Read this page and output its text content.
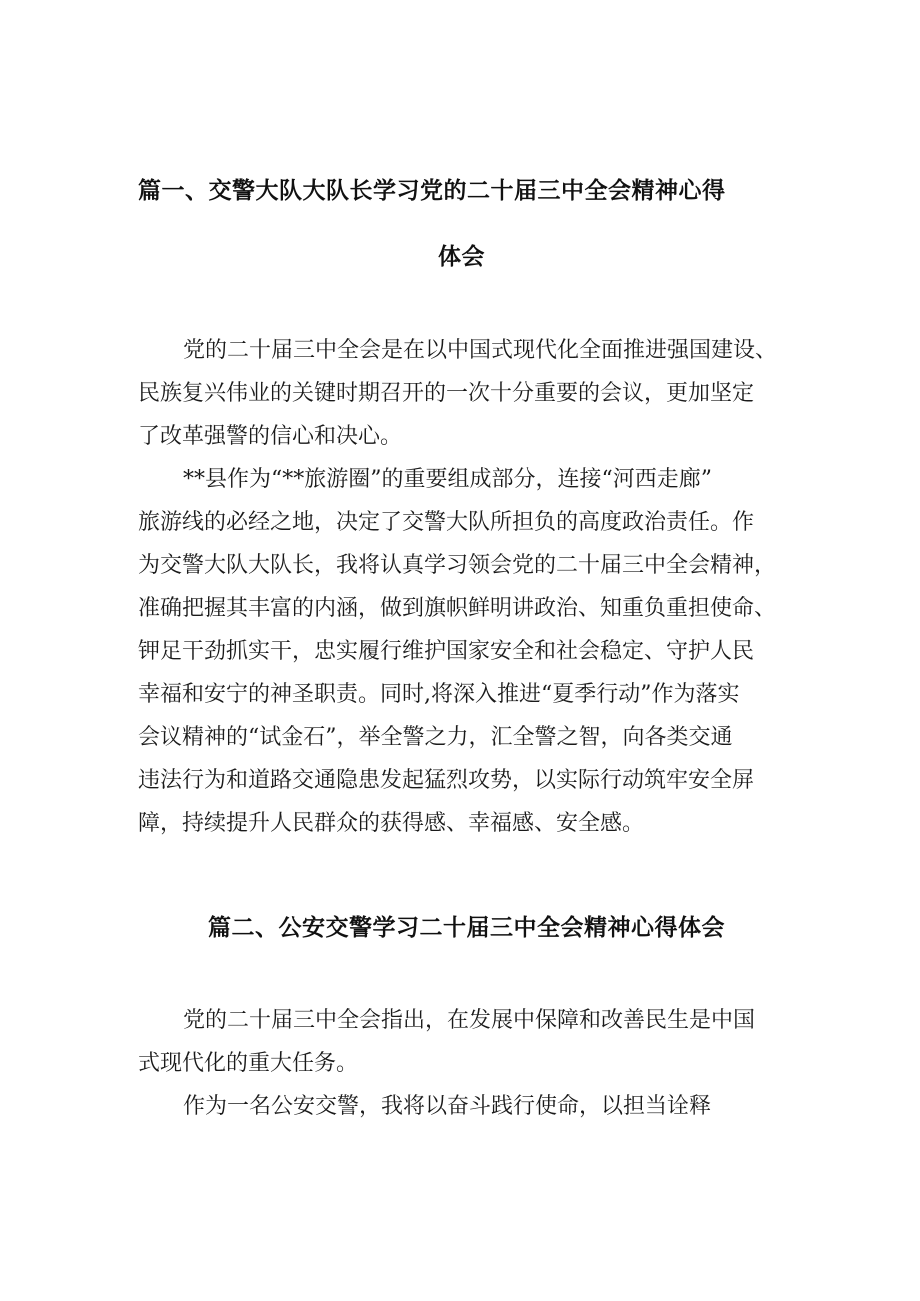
篇一、交警大队大队长学习党的二十届三中全会精神心得
体会
党的二十届三中全会是在以中国式现代化全面推进强国建设、
民族复兴伟业的关键时期召开的一次十分重要的会议，更加坚定
了改革强警的信心和决心。
**县作为“**旅游圈”的重要组成部分，连接“河西走廊”
旅游线的必经之地，决定了交警大队所担负的高度政治责任。作
为交警大队大队长，我将认真学习领会党的二十届三中全会精神，
准确把握其丰富的内涵，做到旗帜鲜明讲政治、知重负重担使命、
钾足干劲抓实干，忠实履行维护国家安全和社会稳定、守护人民
幸福和安宁的神圣职责。同时,将深入推进“夏季行动”作为落实
会议精神的“试金石”，举全警之力，汇全警之智，向各类交通
违法行为和道路交通隐患发起猛烈攻势，以实际行动筑牢安全屏
障，持续提升人民群众的获得感、幸福感、安全感。
篇二、公安交警学习二十届三中全会精神心得体会
党的二十届三中全会指出，在发展中保障和改善民生是中国
式现代化的重大任务。
作为一名公安交警，我将以奋斗践行使命，以担当诠释
